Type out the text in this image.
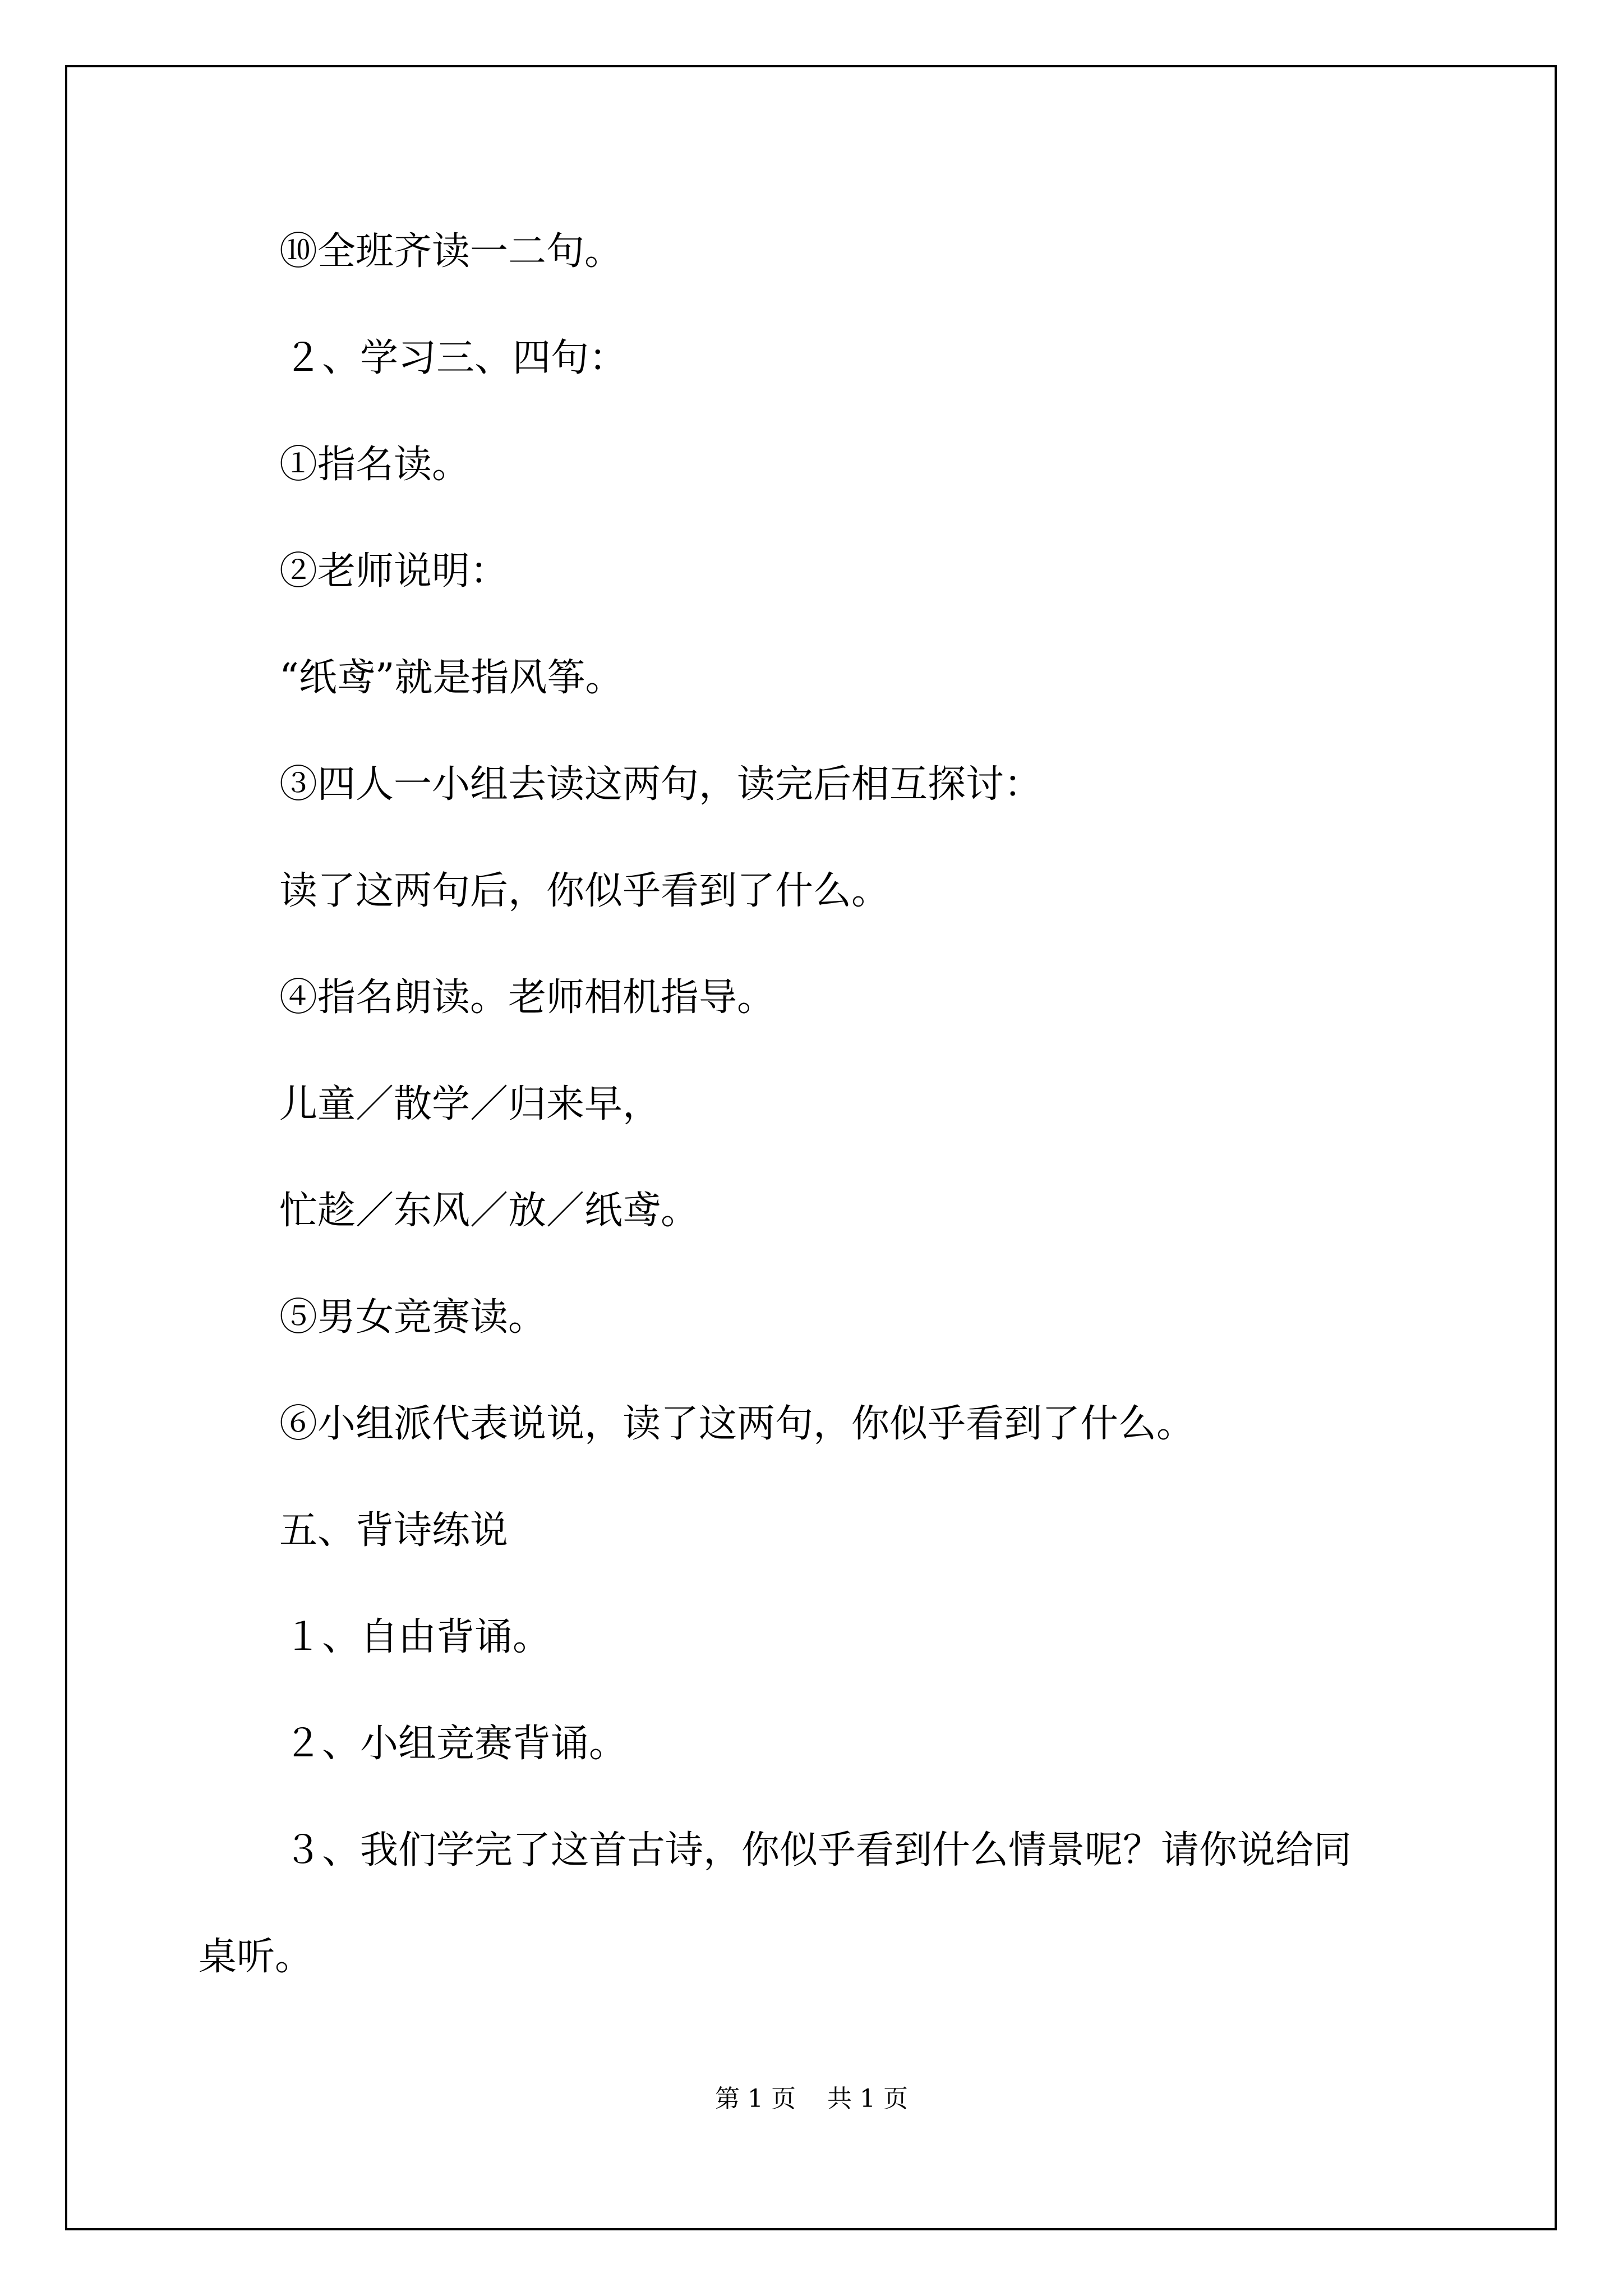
⑩全班齐读一二句。

２、学习三、四句：

①指名读。

②老师说明：

“纸鸢”就是指风筝。

③四人一小组去读这两句，读完后相互探讨：

读了这两句后，你似乎看到了什么。

④指名朗读。老师相机指导。

儿童／散学／归来早，

忙趁／东风／放／纸鸢。

⑤男女竞赛读。

⑥小组派代表说说，读了这两句，你似乎看到了什么。

五、背诗练说

１、自由背诵。

２、小组竞赛背诵。

３、我们学完了这首古诗，你似乎看到什么情景呢？请你说给同

桌听。

第 1 页 共 1 页
